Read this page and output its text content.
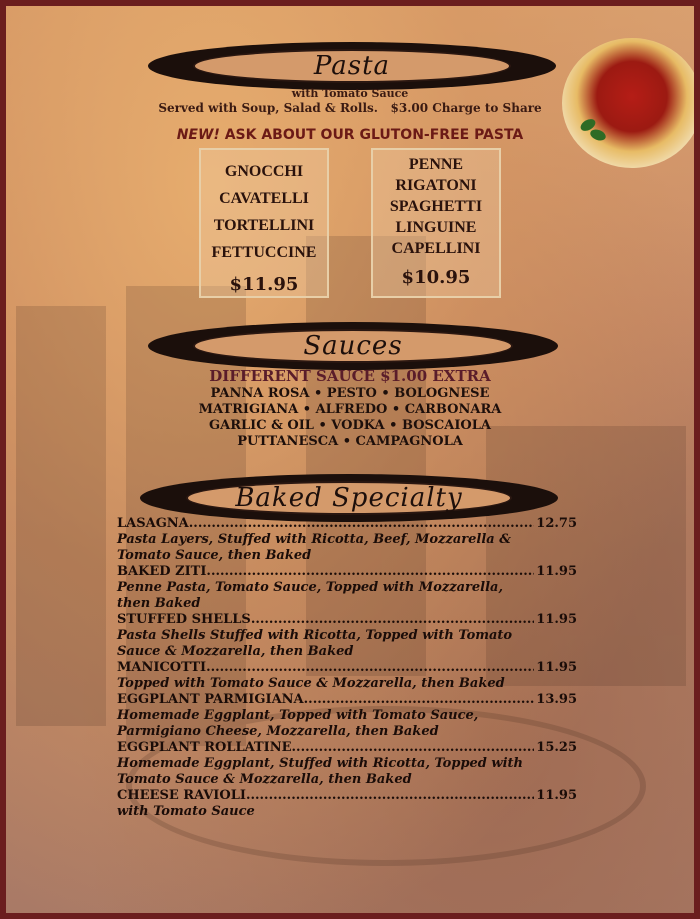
Pasta
with Tomato Sauce
Served with Soup, Salad & Rolls.   $3.00 Charge to Share
NEW! ASK ABOUT OUR GLUTON-FREE PASTA
GNOCCHI
CAVATELLI
TORTELLINI
FETTUCCINE
$11.95
PENNE
RIGATONI
SPAGHETTI
LINGUINE
CAPELLINI
$10.95
Sauces
DIFFERENT SAUCE $1.00 EXTRA
PANNA ROSA • PESTO • BOLOGNESE
MATRIGIANA • ALFREDO • CARBONARA
GARLIC & OIL • VODKA • BOSCAIOLA
PUTTANESCA • CAMPAGNOLA
Baked Specialty
LASAGNA .....	12.75
Pasta Layers, Stuffed with Ricotta, Beef, Mozzarella &
Tomato Sauce, then Baked
BAKED ZITI .....	11.95
Penne Pasta, Tomato Sauce, Topped with Mozzarella,
then Baked
STUFFED SHELLS .....	11.95
Pasta Shells Stuffed with Ricotta, Topped with Tomato
Sauce & Mozzarella, then Baked
MANICOTTI .....	11.95
Topped with Tomato Sauce & Mozzarella, then Baked
EGGPLANT PARMIGIANA .....	13.95
Homemade Eggplant, Topped with Tomato Sauce,
Parmigiano Cheese, Mozzarella, then Baked
EGGPLANT ROLLATINE .....	15.25
Homemade Eggplant, Stuffed with Ricotta, Topped with
Tomato Sauce & Mozzarella, then Baked
CHEESE RAVIOLI .....	11.95
with Tomato Sauce
